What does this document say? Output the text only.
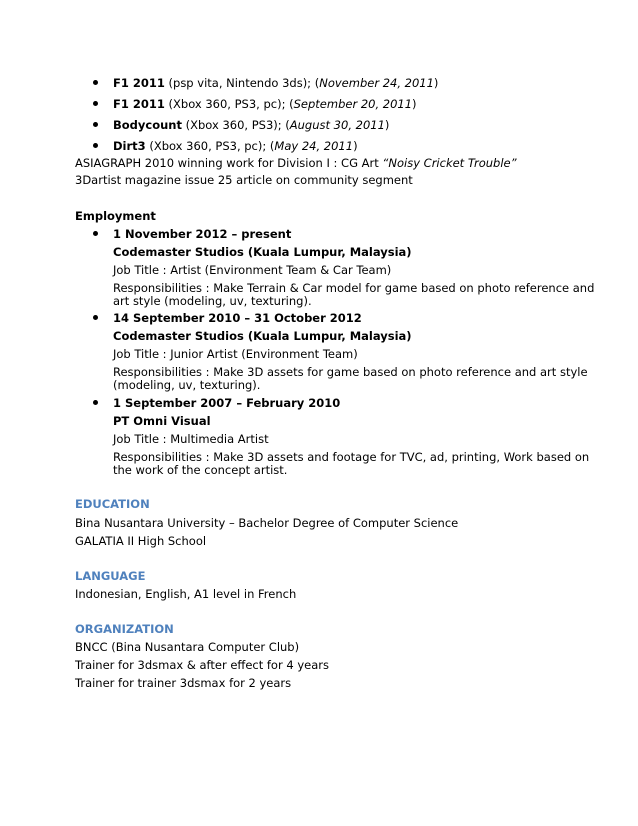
F1 2011 (psp vita, Nintendo 3ds); (November 24, 2011)
F1 2011 (Xbox 360, PS3, pc); (September 20, 2011)
Bodycount (Xbox 360, PS3); (August 30, 2011)
Dirt3 (Xbox 360, PS3, pc); (May 24, 2011)
ASIAGRAPH 2010 winning work for Division I : CG Art “Noisy Cricket Trouble”
3Dartist magazine issue 25 article on community segment
Employment
1 November 2012 – present
Codemaster Studios (Kuala Lumpur, Malaysia)
Job Title : Artist (Environment Team & Car Team)
Responsibilities : Make Terrain & Car model for game based on photo reference and
art style (modeling, uv, texturing).
14 September 2010 – 31 October 2012
Codemaster Studios (Kuala Lumpur, Malaysia)
Job Title : Junior Artist (Environment Team)
Responsibilities : Make 3D assets for game based on photo reference and art style
(modeling, uv, texturing).
1 September 2007 – February 2010
PT Omni Visual
Job Title : Multimedia Artist
Responsibilities : Make 3D assets and footage for TVC, ad, printing, Work based on
the work of the concept artist.
EDUCATION
Bina Nusantara University – Bachelor Degree of Computer Science
GALATIA II High School
LANGUAGE
Indonesian, English, A1 level in French
ORGANIZATION
BNCC (Bina Nusantara Computer Club)
Trainer for 3dsmax & after effect for 4 years
Trainer for trainer 3dsmax for 2 years
